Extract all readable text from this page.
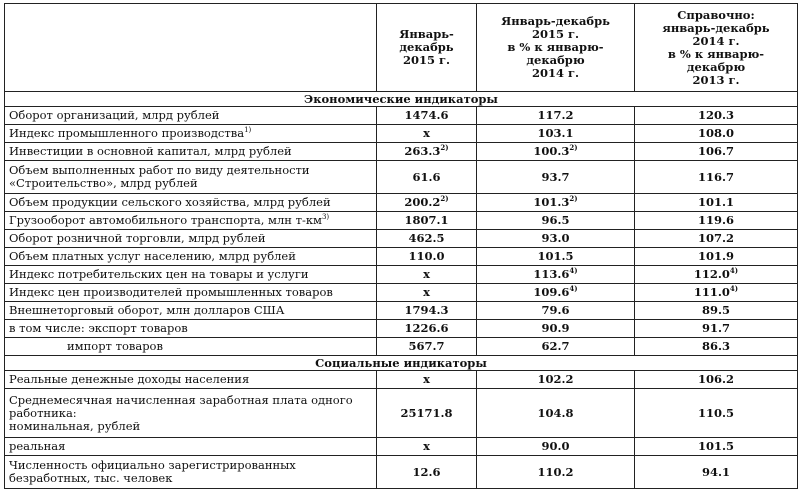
	Январь-
декабрь
2015 г.	Январь-декабрь
2015 г.
в % к январю-
декабрю
2014 г.	Справочно:
январь-декабрь
2014 г.
в % к январю-декабрю
2013 г.
Экономические индикаторы			
Оборот организаций, млрд рублей	1474.6	117.2	120.3
Индекс промышленного производства$^{1)}$	x	103.1	108.0
Инвестиции в основной капитал, млрд рублей	263.3$^{2)}$	100.3$^{2)}$	106.7
Объем выполненных работ по виду деятельности «Строительство», млрд рублей	61.6	93.7	116.7
Объем продукции сельского хозяйства, млрд рублей	200.2$^{2)}$	101.3$^{2)}$	101.1
Грузооборот автомобильного транспорта, млн $т-км^{3)}$	1807.1	96.5	119.6
Оборот розничной торговли, млрд рублей	462.5	93.0	107.2
Объем платных услуг населению, млрд рублей	110.0	101.5	101.9
Индекс потребительских цен на товары и услуги	x	113.6$^{4)}$	112.0$^{4)}$
Индекс цен производителей промышленных товаров	x	109.6$^{4)}$	111.0$^{4)}$
Внешнеторговый оборот, млн долларов США	1794.3	79.6	89.5
в том числе: экспорт товаров	1226.6	90.9	91.7
импорт товаров	567.7	62.7	86.3
Социальные индикаторы			
Реальные денежные доходы населения	x	102.2	106.2
Среднемесячная начисленная заработная плата одного работника:
номинальная, рублей	25171.8	104.8	110.5
реальная	x	90.0	101.5
Численность официально зарегистрированных безработных, тыс. человек	12.6	110.2	94.1
